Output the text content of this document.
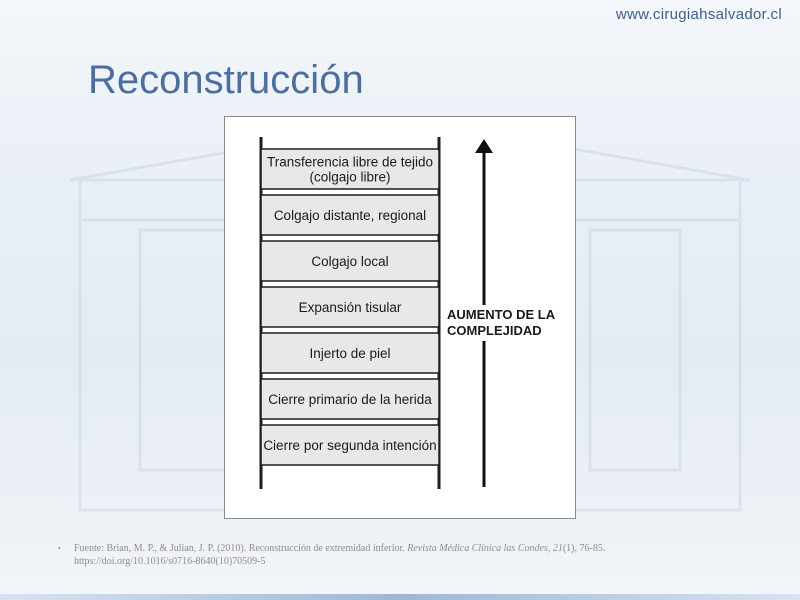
www.cirugiahsalvador.cl
Reconstrucción
Transferencia libre de tejido
(colgajo libre)
Colgajo distante, regional
Colgajo local
Expansión tisular
Injerto de piel
Cierre primario de la herida
Cierre por segunda intención
AUMENTO DE LA
COMPLEJIDAD
•	Fuente: Brian, M. P., & Julian, J. P. (2010). Reconstrucción de extremidad inferior. Revista Médica Clínica las Condes, 21(1), 76-85. https://doi.org/10.1016/s0716-8640(10)70509-5
